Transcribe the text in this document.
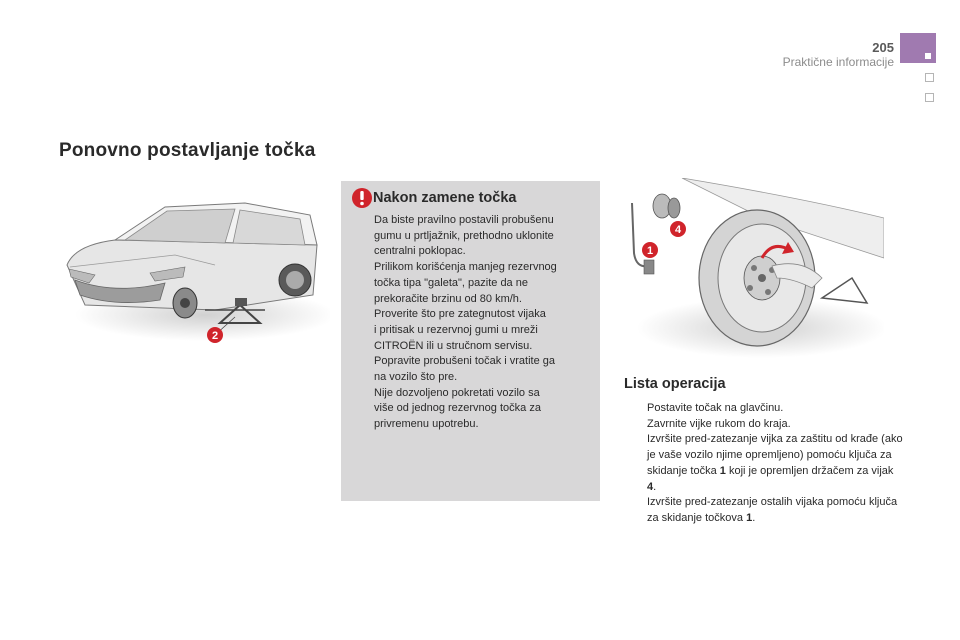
205
Praktične informacije
Ponovno postavljanje točka
2
Nakon zamene točka

Da biste pravilno postavili probušenu
gumu u prtljažnik, prethodno uklonite
centralni poklopac.
Prilikom korišćenja manjeg rezervnog
točka tipa "galeta", pazite da ne
prekoračite brzinu od 80 km/h.
Proverite što pre zategnutost vijaka
i pritisak u rezervnoj gumi u mreži
CITROËN ili u stručnom servisu.
Popravite probušeni točak i vratite ga
na vozilo što pre.
Nije dozvoljeno pokretati vozilo sa
više od jednog rezervnog točka za
privremenu upotrebu.

1
4
Lista operacija
Postavite točak na glavčinu.
Zavrnite vijke rukom do kraja.
Izvršite pred-zatezanje vijka za zaštitu od krađe (ako je vaše vozilo njime opremljeno) pomoću ključa za skidanje točka 1 koji je opremljen držačem za vijak 4.
Izvršite pred-zatezanje ostalih vijaka pomoću ključa za skidanje točkova 1.
